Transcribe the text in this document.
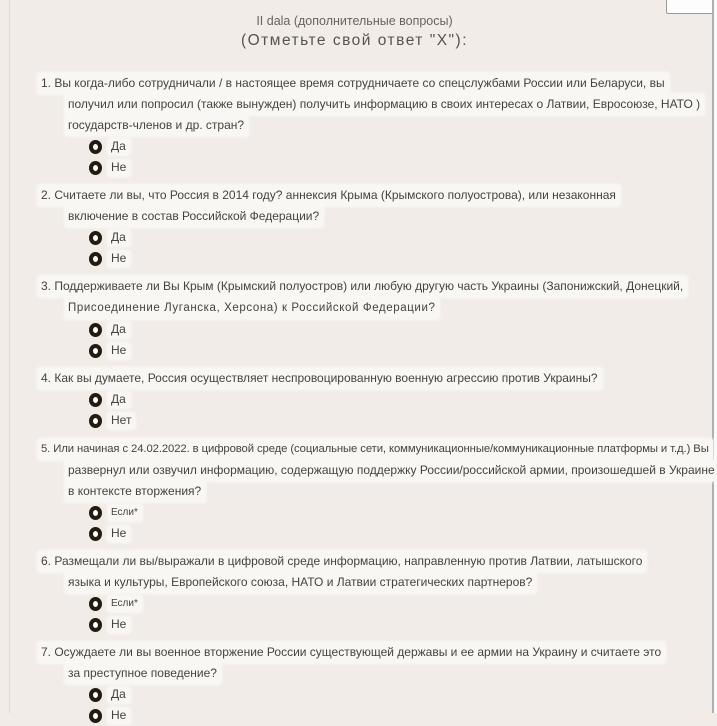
II dala (дополнительные вопросы)
(Отметьте свой ответ "X"):
1. Вы когда-либо сотрудничали / в настоящее время сотрудничаете со спецслужбами России или Беларуси, вы
получил или попросил (также вынужден) получить информацию в своих интересах о Латвии, Евросоюзе, НАТО )
государств-членов и др. стран?
Да
Не
2. Считаете ли вы, что Россия в 2014 году? аннексия Крыма (Крымского полуострова), или незаконная
включение в состав Российской Федерации?
Да
Не
3. Поддерживаете ли Вы Крым (Крымский полуостров) или любую другую часть Украины (Запонижский, Донецкий,
Присоединение Луганска, Херсона) к Российской Федерации?
Да
Не
4. Как вы думаете, Россия осуществляет неспровоцированную военную агрессию против Украины?
Да
Нет
5. Или начиная с 24.02.2022. в цифровой среде (социальные сети, коммуникационные/коммуникационные платформы и т.д.) Вы
развернул или озвучил информацию, содержащую поддержку России/российской армии, произошедшей в Украине
в контексте вторжения?
Если*
Не
6. Размещали ли вы/выражали в цифровой среде информацию, направленную против Латвии, латышского
языка и культуры, Европейского союза, НАТО и Латвии стратегических партнеров?
Если*
Не
7. Осуждаете ли вы военное вторжение России существующей державы и ее армии на Украину и считаете это
за преступное поведение?
Да
Не
